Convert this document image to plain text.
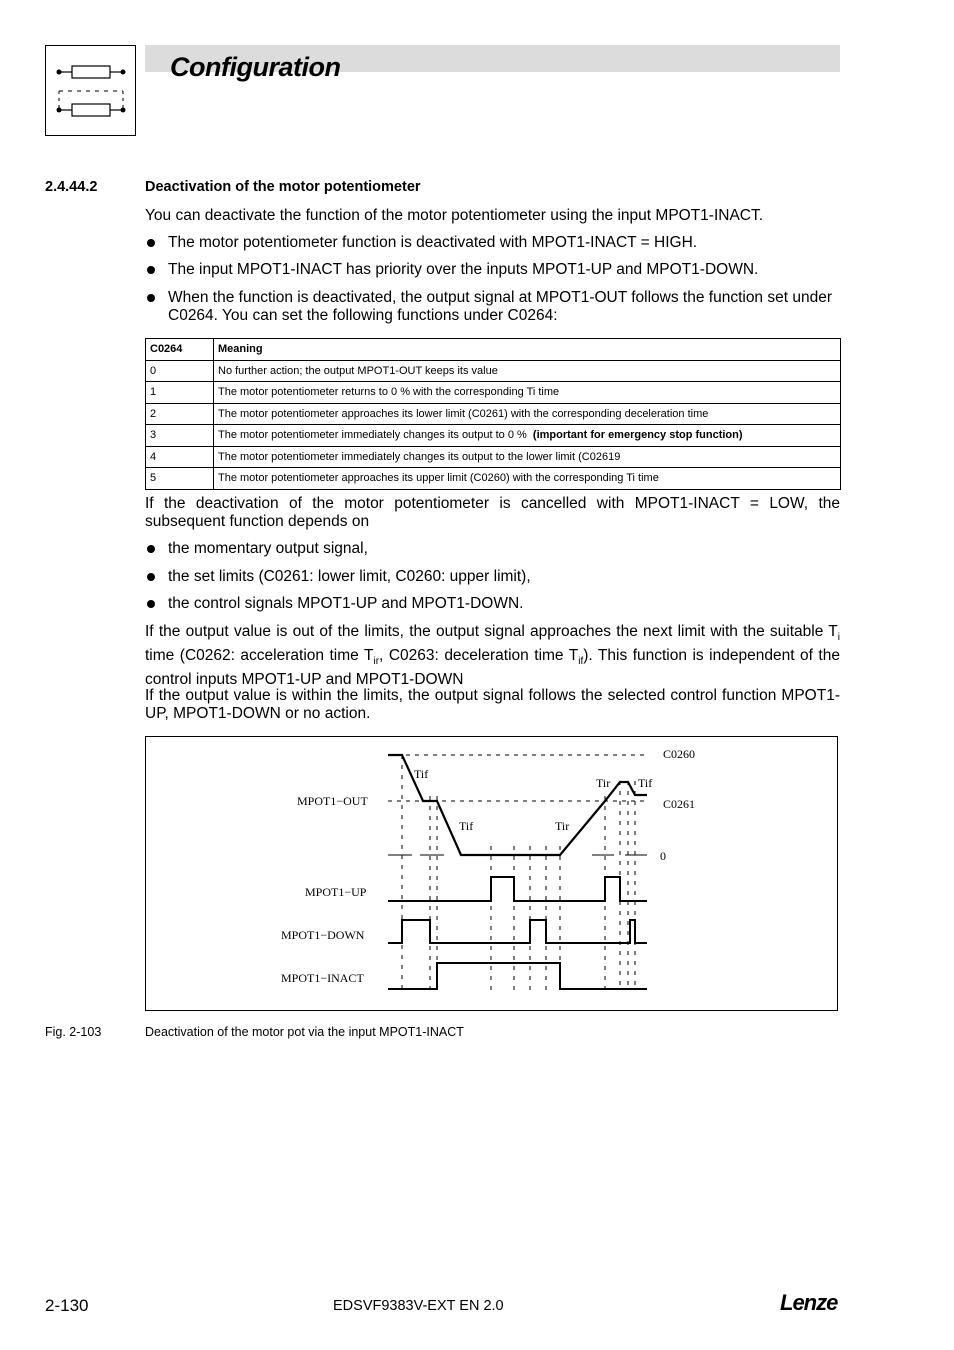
Configuration
2.4.44.2	Deactivation of the motor potentiometer
You can deactivate the function of the motor potentiometer using the input MPOT1-INACT.
The motor potentiometer function is deactivated with MPOT1-INACT = HIGH.
The input MPOT1-INACT has priority over the inputs MPOT1-UP and MPOT1-DOWN.
When the function is deactivated, the output signal at MPOT1-OUT follows the function set under C0264. You can set the following functions under C0264:
C0264	Meaning
0	No further action; the output MPOT1-OUT keeps its value
1	The motor potentiometer returns to 0 % with the corresponding Ti time
2	The motor potentiometer approaches its lower limit (C0261) with the corresponding deceleration time
3	The motor potentiometer immediately changes its output to 0 % (important for emergency stop function)
4	The motor potentiometer immediately changes its output to the lower limit (C02619
5	The motor potentiometer approaches its upper limit (C0260) with the corresponding Ti time
If the deactivation of the motor potentiometer is cancelled with MPOT1-INACT = LOW, the subsequent function depends on
the momentary output signal,
the set limits (C0261: lower limit, C0260: upper limit),
the control signals MPOT1-UP and MPOT1-DOWN.
If the output value is out of the limits, the output signal approaches the next limit with the suitable $T_i$ time (C0262: acceleration time $T_{ir}$, C0263: deceleration time $T_{if}$). This function is independent of the control inputs MPOT1-UP and MPOT1-DOWN
If the output value is within the limits, the output signal follows the selected control function MPOT1-UP, MPOT1-DOWN or no action.
MPOT1−OUT
MPOT1−UP
MPOT1−DOWN
MPOT1−INACT
C0260
C0261
0
Tif
Tif	Tir
Tir Tif
Fig. 2-103	Deactivation of the motor pot via the input MPOT1-INACT
2-130	EDSVF9383V-EXT EN 2.0	Lenze
